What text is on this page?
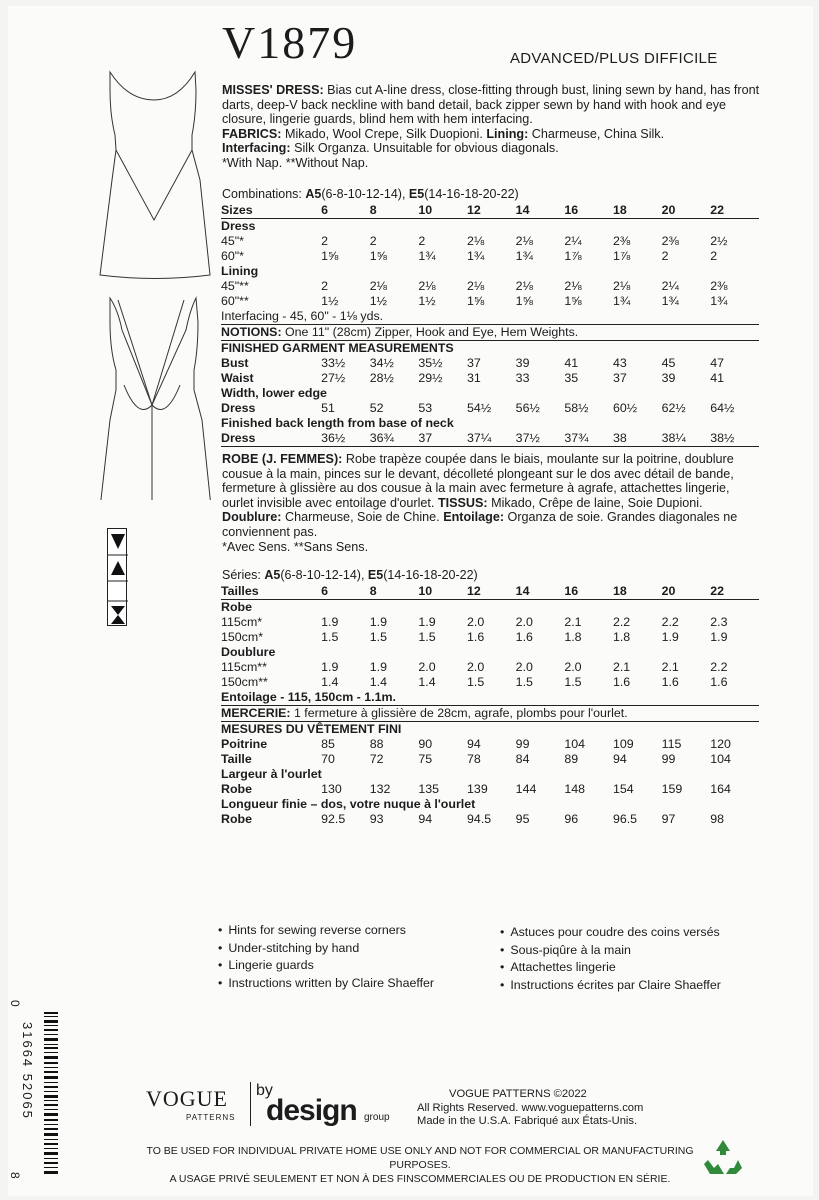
V1879	ADVANCED/PLUS DIFFICILE
MISSES' DRESS: Bias cut A-line dress, close-fitting through bust, lining sewn by hand, has front darts, deep-V back neckline with band detail, back zipper sewn by hand with hook and eye closure, lingerie guards, blind hem with hem interfacing.
FABRICS: Mikado, Wool Crepe, Silk Duopioni. Lining: Charmeuse, China Silk.
Interfacing: Silk Organza. Unsuitable for obvious diagonals.
*With Nap. **Without Nap.
Combinations: A5(6-8-10-12-14), E5(14-16-18-20-22)
Sizes	6	8	10	12	14	16	18	20	22
Dress									
45"*	2	2	2	2⅛	2⅛	2¼	2⅜	2⅜	2½
60"*	1⅝	1⅝	1¾	1¾	1¾	1⅞	1⅞	2	2
Lining									
45"**	2	2⅛	2⅛	2⅛	2⅛	2⅛	2⅛	2¼	2⅜
60"**	1½	1½	1½	1⅝	1⅝	1⅝	1¾	1¾	1¾
Interfacing - 45, 60" - 1⅛ yds.									
NOTIONS: One 11" (28cm) Zipper, Hook and Eye, Hem Weights.									
FINISHED GARMENT MEASUREMENTS									
Bust	33½	34½	35½	37	39	41	43	45	47
Waist	27½	28½	29½	31	33	35	37	39	41
Width, lower edge									
Dress	51	52	53	54½	56½	58½	60½	62½	64½
Finished back length from base of neck									
Dress	36½	36¾	37	37¼	37½	37¾	38	38¼	38½
ROBE (J. FEMMES): Robe trapèze coupée dans le biais, moulante sur la poitrine, doublure cousue à la main, pinces sur le devant, décolleté plongeant sur le dos avec détail de bande, fermeture à glissière au dos cousue à la main avec fermeture à agrafe, attachettes lingerie, ourlet invisible avec entoilage d'ourlet. TISSUS: Mikado, Crêpe de laine, Soie Dupioni. Doublure: Charmeuse, Soie de Chine. Entoilage: Organza de soie. Grandes diagonales ne conviennent pas.
*Avec Sens. **Sans Sens.
Séries: A5(6-8-10-12-14), E5(14-16-18-20-22)
Tailles	6	8	10	12	14	16	18	20	22
Robe									
115cm*	1.9	1.9	1.9	2.0	2.0	2.1	2.2	2.2	2.3
150cm*	1.5	1.5	1.5	1.6	1.6	1.8	1.8	1.9	1.9
Doublure									
115cm**	1.9	1.9	2.0	2.0	2.0	2.0	2.1	2.1	2.2
150cm**	1.4	1.4	1.4	1.5	1.5	1.5	1.6	1.6	1.6
Entoilage - 115, 150cm - 1.1m.									
MERCERIE: 1 fermeture à glissière de 28cm, agrafe, plombs pour l'ourlet.									
MESURES DU VÊTEMENT FINI									
Poitrine	85	88	90	94	99	104	109	115	120
Taille	70	72	75	78	84	89	94	99	104
Largeur à l'ourlet									
Robe	130	132	135	139	144	148	154	159	164
Longueur finie – dos, votre nuque à l'ourlet									
Robe	92.5	93	94	94.5	95	96	96.5	97	98
• Hints for sewing reverse corners
• Under-stitching by hand
• Lingerie guards
• Instructions written by Claire Shaeffer
• Astuces pour coudre des coins versés
• Sous-piqûre à la main
• Attachettes lingerie
• Instructions écrites par Claire Shaeffer
0
31664 52065
8
VOGUE
PATTERNS
by
design group
VOGUE PATTERNS ©2022
All Rights Reserved. www.voguepatterns.com
Made in the U.S.A. Fabriqué aux États-Unis.
TO BE USED FOR INDIVIDUAL PRIVATE HOME USE ONLY AND NOT FOR COMMERCIAL OR MANUFACTURING PURPOSES.
A USAGE PRIVÉ SEULEMENT ET NON À DES FINSCOMMERCIALES OU DE PRODUCTION EN SÉRIE.
